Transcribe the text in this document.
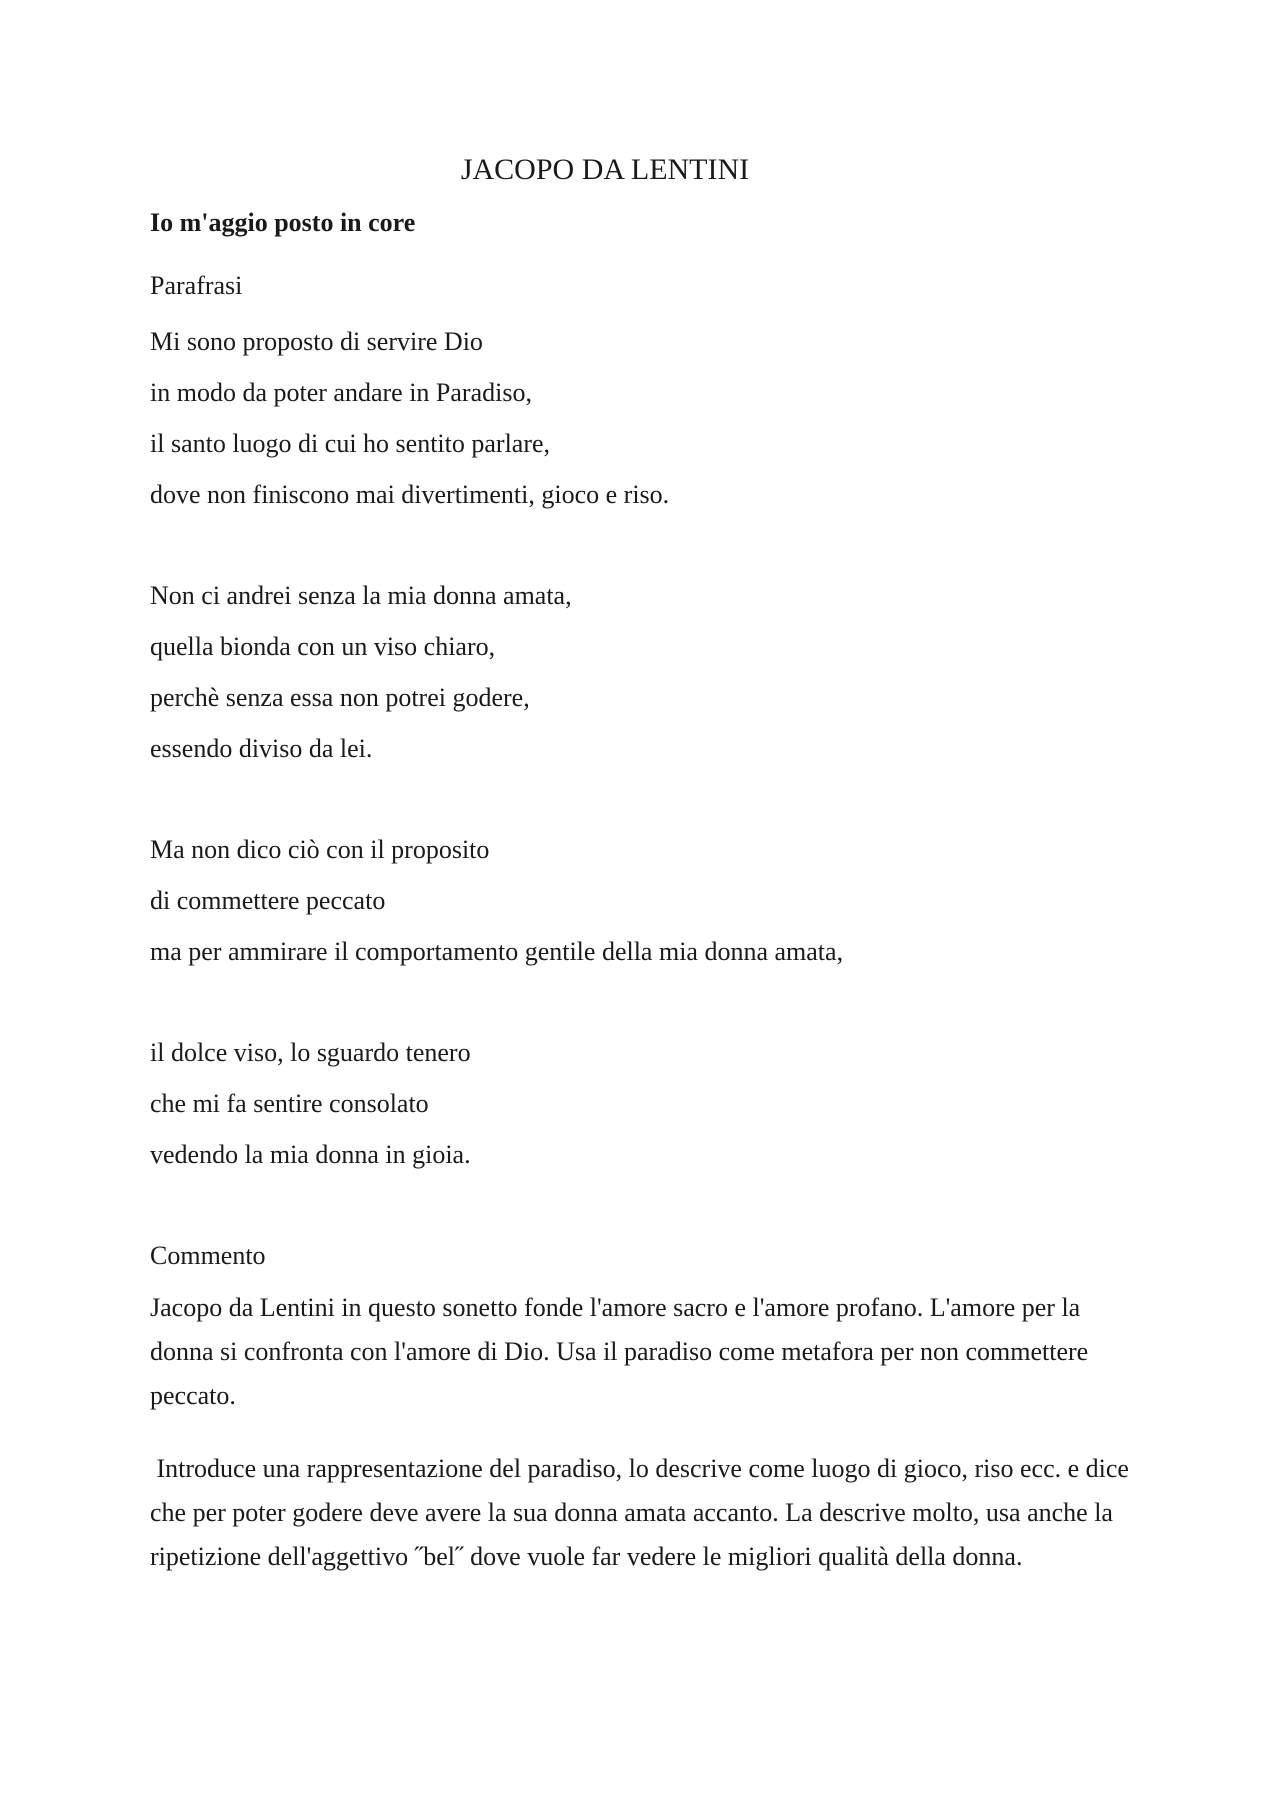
JACOPO DA LENTINI

Io m'aggio posto in core

Parafrasi

Mi sono proposto di servire Dio

in modo da poter andare in Paradiso,

il santo luogo di cui ho sentito parlare,

dove non finiscono mai divertimenti, gioco e riso.

Non ci andrei senza la mia donna amata,

quella bionda con un viso chiaro,

perchè senza essa non potrei godere,

essendo diviso da lei.

Ma non dico ciò con il proposito

di commettere peccato

ma per ammirare il comportamento gentile della mia donna amata,

il dolce viso, lo sguardo tenero

che mi fa sentire consolato

vedendo la mia donna in gioia.

Commento

Jacopo da Lentini in questo sonetto fonde l'amore sacro e l'amore profano. L'amore per la

donna si confronta con l'amore di Dio. Usa il paradiso come metafora per non commettere

peccato.

Introduce una rappresentazione del paradiso, lo descrive come luogo di gioco, riso ecc. e dice

che per poter godere deve avere la sua donna amata accanto. La descrive molto, usa anche la

ripetizione dell'aggettivo ˝bel˝ dove vuole far vedere le migliori qualità della donna.
